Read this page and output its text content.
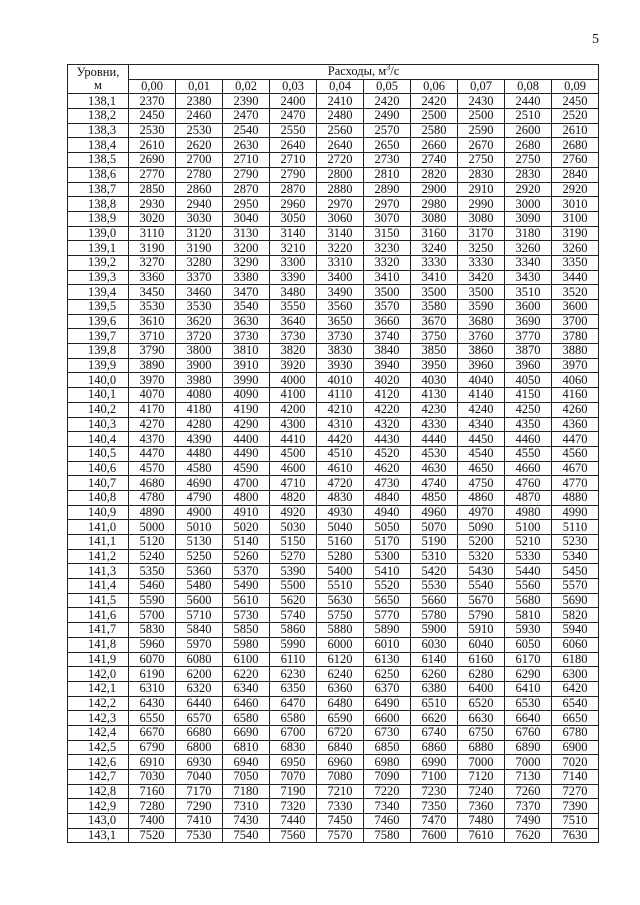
5
Уровни,
м	Расходы, $м^3/с$									
	0,00	0,01	0,02	0,03	0,04	0,05	0,06	0,07	0,08	0,09
138,1	2370	2380	2390	2400	2410	2420	2420	2430	2440	2450
138,2	2450	2460	2470	2470	2480	2490	2500	2500	2510	2520
138,3	2530	2530	2540	2550	2560	2570	2580	2590	2600	2610
138,4	2610	2620	2630	2640	2640	2650	2660	2670	2680	2680
138,5	2690	2700	2710	2710	2720	2730	2740	2750	2750	2760
138,6	2770	2780	2790	2790	2800	2810	2820	2830	2830	2840
138,7	2850	2860	2870	2870	2880	2890	2900	2910	2920	2920
138,8	2930	2940	2950	2960	2970	2970	2980	2990	3000	3010
138,9	3020	3030	3040	3050	3060	3070	3080	3080	3090	3100
139,0	3110	3120	3130	3140	3140	3150	3160	3170	3180	3190
139,1	3190	3190	3200	3210	3220	3230	3240	3250	3260	3260
139,2	3270	3280	3290	3300	3310	3320	3330	3330	3340	3350
139,3	3360	3370	3380	3390	3400	3410	3410	3420	3430	3440
139,4	3450	3460	3470	3480	3490	3500	3500	3500	3510	3520
139,5	3530	3530	3540	3550	3560	3570	3580	3590	3600	3600
139,6	3610	3620	3630	3640	3650	3660	3670	3680	3690	3700
139,7	3710	3720	3730	3730	3730	3740	3750	3760	3770	3780
139,8	3790	3800	3810	3820	3830	3840	3850	3860	3870	3880
139,9	3890	3900	3910	3920	3930	3940	3950	3960	3960	3970
140,0	3970	3980	3990	4000	4010	4020	4030	4040	4050	4060
140,1	4070	4080	4090	4100	4110	4120	4130	4140	4150	4160
140,2	4170	4180	4190	4200	4210	4220	4230	4240	4250	4260
140,3	4270	4280	4290	4300	4310	4320	4330	4340	4350	4360
140,4	4370	4390	4400	4410	4420	4430	4440	4450	4460	4470
140,5	4470	4480	4490	4500	4510	4520	4530	4540	4550	4560
140,6	4570	4580	4590	4600	4610	4620	4630	4650	4660	4670
140,7	4680	4690	4700	4710	4720	4730	4740	4750	4760	4770
140,8	4780	4790	4800	4820	4830	4840	4850	4860	4870	4880
140,9	4890	4900	4910	4920	4930	4940	4960	4970	4980	4990
141,0	5000	5010	5020	5030	5040	5050	5070	5090	5100	5110
141,1	5120	5130	5140	5150	5160	5170	5190	5200	5210	5230
141,2	5240	5250	5260	5270	5280	5300	5310	5320	5330	5340
141,3	5350	5360	5370	5390	5400	5410	5420	5430	5440	5450
141,4	5460	5480	5490	5500	5510	5520	5530	5540	5560	5570
141,5	5590	5600	5610	5620	5630	5650	5660	5670	5680	5690
141,6	5700	5710	5730	5740	5750	5770	5780	5790	5810	5820
141,7	5830	5840	5850	5860	5880	5890	5900	5910	5930	5940
141,8	5960	5970	5980	5990	6000	6010	6030	6040	6050	6060
141,9	6070	6080	6100	6110	6120	6130	6140	6160	6170	6180
142,0	6190	6200	6220	6230	6240	6250	6260	6280	6290	6300
142,1	6310	6320	6340	6350	6360	6370	6380	6400	6410	6420
142,2	6430	6440	6460	6470	6480	6490	6510	6520	6530	6540
142,3	6550	6570	6580	6580	6590	6600	6620	6630	6640	6650
142,4	6670	6680	6690	6700	6720	6730	6740	6750	6760	6780
142,5	6790	6800	6810	6830	6840	6850	6860	6880	6890	6900
142,6	6910	6930	6940	6950	6960	6980	6990	7000	7000	7020
142,7	7030	7040	7050	7070	7080	7090	7100	7120	7130	7140
142,8	7160	7170	7180	7190	7210	7220	7230	7240	7260	7270
142,9	7280	7290	7310	7320	7330	7340	7350	7360	7370	7390
143,0	7400	7410	7430	7440	7450	7460	7470	7480	7490	7510
143,1	7520	7530	7540	7560	7570	7580	7600	7610	7620	7630
